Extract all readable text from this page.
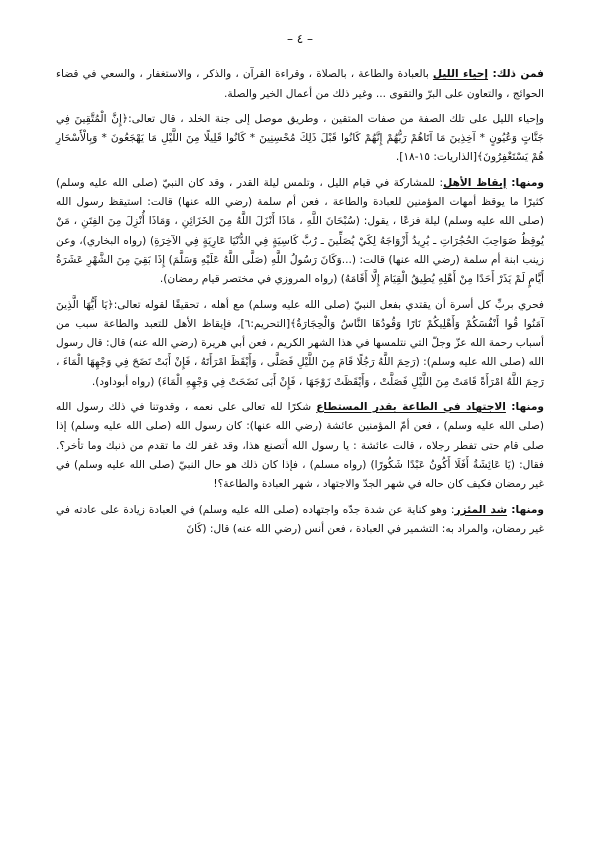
– ٤ –

فمن ذلك: إحياء الليل بالعبادة والطاعة ، بالصلاة ، وقراءة القرآن ، والذكر ، والاستغفار ، والسعي في قضاء الحوائج ، والتعاون على البرّ والتقوى ... وغير ذلك من أعمال الخير والصلة.

وإحياء الليل على تلك الصفة من صفات المتقين ، وطريق موصل إلى جنة الخلد ، قال تعالى:﴿إِنَّ الْمُتَّقِينَ فِي جَنَّاتٍ وَعُيُونٍ * آخِذِينَ مَا آتَاهُمْ رَبُّهُمْ إِنَّهُمْ كَانُوا قَبْلَ ذَلِكَ مُحْسِنِينَ * كَانُوا قَلِيلًا مِنَ اللَّيْلِ مَا يَهْجَعُونَ * وَبِالْأَسْحَارِ هُمْ يَسْتَغْفِرُونَ﴾[الذاريات: ١٥-١٨].

ومنها: إيقاظ الأهل: للمشاركة في قيام الليل ، وتلمس ليلة القدر ، وقد كان النبيّ (صلى الله عليه وسلم) كثيرًا ما يوقظ أمهات المؤمنين للعبادة والطاعة ، فعن أم سلمة (رضي الله عنها) قالت: استيقظ رسول الله (صلى الله عليه وسلم) ليلة فزعًا ، يقول: (سُبْحَانَ اللَّهِ ، مَاذَا أَنْزَلَ اللَّهُ مِنَ الخَزَائِنِ ، وَمَاذَا أُنْزِلَ مِنَ الفِتَنِ ، مَنْ يُوقِظُ صَوَاحِبَ الحُجُرَاتِ ـ يُرِيدُ أَزْوَاجَهُ لِكَيْ يُصَلِّينَ ـ رُبَّ كَاسِيَةٍ فِي الدُّنْيَا عَارِيَةٍ فِي الآخِرَةِ) (رواه البخاري)، وعن زينب ابنة أم سلمة (رضي الله عنها) قالت: (...وَكَانَ رَسُولُ اللَّهِ (صَلَّى اللَّهُ عَلَيْهِ وَسَلَّمَ) إِذَا بَقِيَ مِنَ الشَّهْرِ عَشَرَةُ أَيَّامٍ لَمْ يَذَرْ أَحَدًا مِنْ أَهْلِهِ يُطِيقُ الْقِيَامَ إِلَّا أَقَامَهُ) (رواه المروزي في مختصر قيام رمضان).

فحري بربِّ كل أسرة أن يقتدي بفعل النبيّ (صلى الله عليه وسلم) مع أهله ، تحقيقًا لقوله تعالى:﴿يَا أَيُّهَا الَّذِينَ آمَنُوا قُوا أَنْفُسَكُمْ وَأَهْلِيكُمْ نَارًا وَقُودُهَا النَّاسُ وَالْحِجَارَةُ﴾[التحريم:٦]، فإيقاظ الأهل للتعبد والطاعة سبب من أسباب رحمة الله عزّ وجلّ التي نتلمسها في هذا الشهر الكريم ، فعن أبي هريرة (رضي الله عنه) قال: قال رسول الله (صلى الله عليه وسلم): (رَحِمَ اللَّهُ رَجُلًا قَامَ مِنَ اللَّيْلِ فَصَلَّى ، وَأَيْقَظَ امْرَأَتَهُ ، فَإِنْ أَبَتْ نَضَحَ فِي وَجْهِهَا الْمَاءَ ، رَحِمَ اللَّهُ امْرَأَةً قَامَتْ مِنَ اللَّيْلِ فَصَلَّتْ ، وَأَيْقَظَتْ زَوْجَهَا ، فَإِنْ أَبَى نَضَحَتْ فِي وَجْهِهِ الْمَاءَ) (رواه أبوداود).

ومنها: الاجتهاد في الطاعة بقدر المستطاع شكرًا لله تعالى على نعمه ، وقدوتنا في ذلك رسول الله (صلى الله عليه وسلم) ، فعن أمّ المؤمنين عائشة (رضي الله عنها): كان رسول الله (صلى الله عليه وسلم) إذا صلى قام حتى تفطر رجلاه ، قالت عائشة : يا رسول الله أتصنع هذا، وقد غفر لك ما تقدم من ذنبك وما تأخر؟. فقال: (يَا عَائِشَةُ أَفَلَا أَكُونُ عَبْدًا شَكُورًا) (رواه مسلم) ، فإذا كان ذلك هو حال النبيّ (صلى الله عليه وسلم) في غير رمضان فكيف كان حاله في شهر الجدّ والاجتهاد ، شهر العبادة والطاعة؟!

ومنها: شد المئزر: وهو كناية عن شدة جدّه واجتهاده (صلى الله عليه وسلم) في العبادة زيادة على عادته في غير رمضان، والمراد به: التشمير في العبادة ، فعن أنس (رضي الله عنه) قال: (كَانَ
